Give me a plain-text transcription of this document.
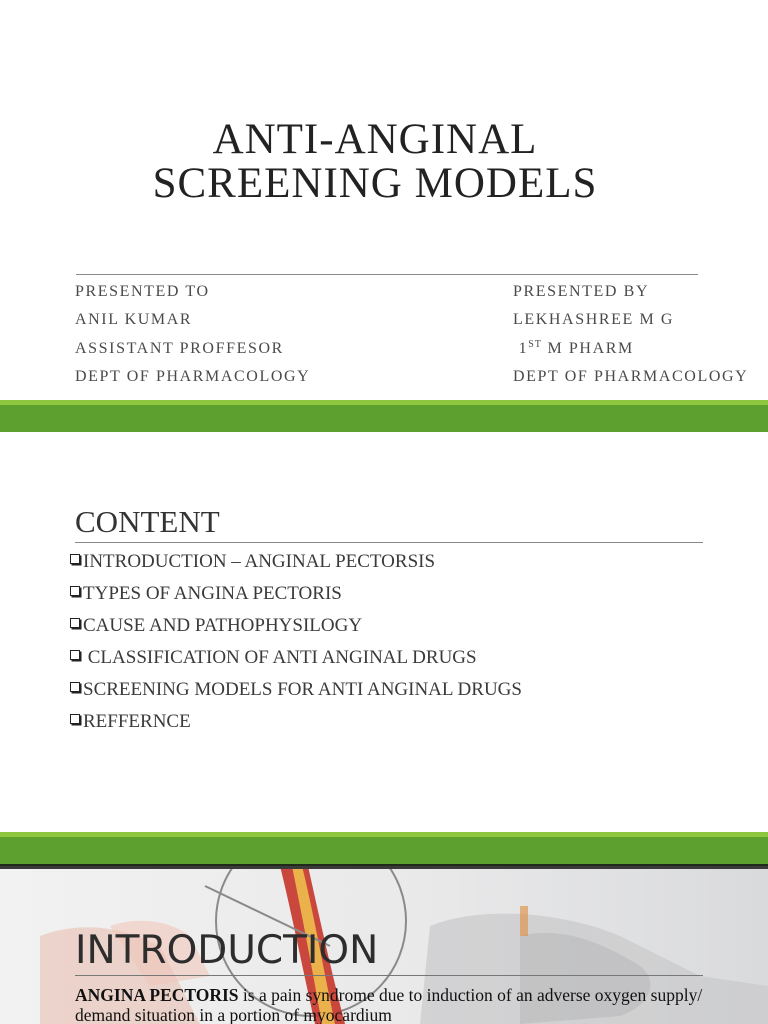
ANTI-ANGINAL
SCREENING MODELS
PRESENTED TO
ANIL KUMAR
ASSISTANT PROFFESOR
DEPT OF PHARMACOLOGY
PRESENTED BY
LEKHASHREE M G
1ST M PHARM
DEPT OF PHARMACOLOGY
CONTENT
INTRODUCTION – ANGINAL PECTORSIS
TYPES OF ANGINA PECTORIS
CAUSE AND PATHOPHYSILOGY
CLASSIFICATION OF ANTI ANGINAL DRUGS
SCREENING MODELS FOR ANTI ANGINAL DRUGS
REFFERNCE
INTRODUCTION
ANGINA PECTORIS is a pain syndrome due to induction of an adverse oxygen supply/ demand situation in a portion of myocardium
